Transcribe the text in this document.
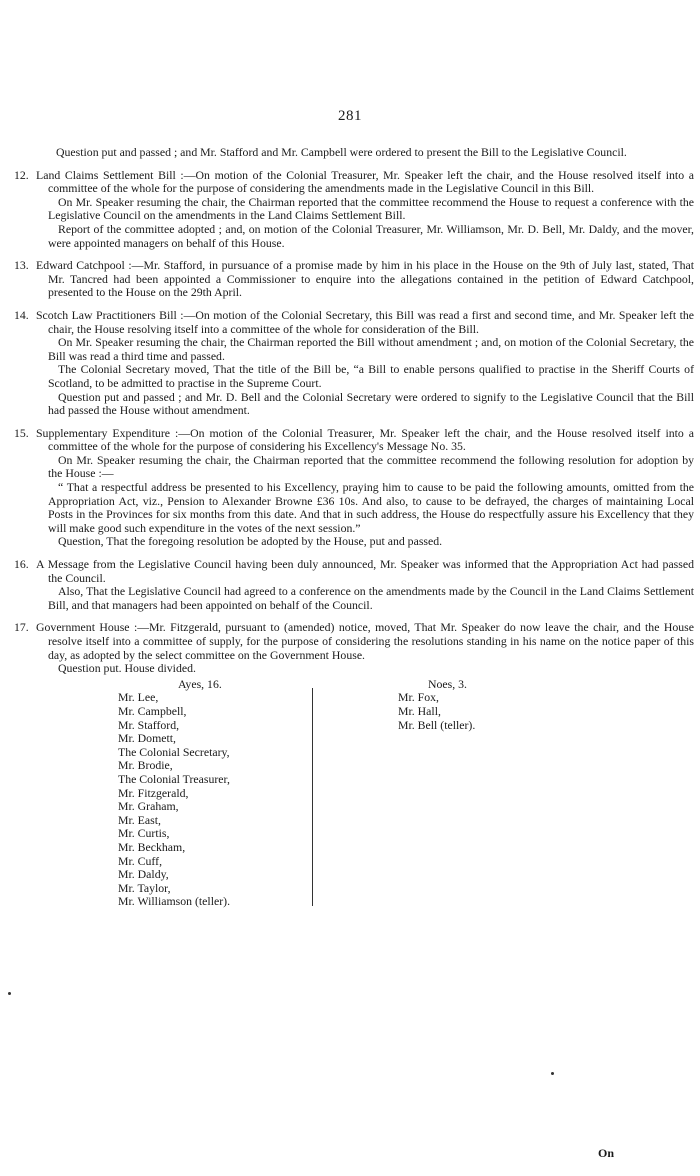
281

Question put and passed ; and Mr. Stafford and Mr. Campbell were ordered to present the Bill to the Legislative Council.

12. Land Claims Settlement Bill :—On motion of the Colonial Treasurer, Mr. Speaker left the chair, and the House resolved itself into a committee of the whole for the purpose of considering the amendments made in the Legislative Council in this Bill.

On Mr. Speaker resuming the chair, the Chairman reported that the committee recommend the House to request a conference with the Legislative Council on the amendments in the Land Claims Settlement Bill.

Report of the committee adopted ; and, on motion of the Colonial Treasurer, Mr. Williamson, Mr. D. Bell, Mr. Daldy, and the mover, were appointed managers on behalf of this House.

13. Edward Catchpool :—Mr. Stafford, in pursuance of a promise made by him in his place in the House on the 9th of July last, stated, That Mr. Tancred had been appointed a Commissioner to enquire into the allegations contained in the petition of Edward Catchpool, presented to the House on the 29th April.

14. Scotch Law Practitioners Bill :—On motion of the Colonial Secretary, this Bill was read a first and second time, and Mr. Speaker left the chair, the House resolving itself into a committee of the whole for consideration of the Bill.

On Mr. Speaker resuming the chair, the Chairman reported the Bill without amendment ; and, on motion of the Colonial Secretary, the Bill was read a third time and passed.

The Colonial Secretary moved, That the title of the Bill be, “a Bill to enable persons qualified to practise in the Sheriff Courts of Scotland, to be admitted to practise in the Supreme Court.

Question put and passed ; and Mr. D. Bell and the Colonial Secretary were ordered to signify to the Legislative Council that the Bill had passed the House without amendment.

15. Supplementary Expenditure :—On motion of the Colonial Treasurer, Mr. Speaker left the chair, and the House resolved itself into a committee of the whole for the purpose of considering his Excellency's Message No. 35.

On Mr. Speaker resuming the chair, the Chairman reported that the committee recommend the following resolution for adoption by the House :—

“ That a respectful address be presented to his Excellency, praying him to cause to be paid the following amounts, omitted from the Appropriation Act, viz., Pension to Alexander Browne £36 10s. And also, to cause to be defrayed, the charges of maintaining Local Posts in the Provinces for six months from this date. And that in such address, the House do respectfully assure his Excellency that they will make good such expenditure in the votes of the next session.”

Question, That the foregoing resolution be adopted by the House, put and passed.

16. A Message from the Legislative Council having been duly announced, Mr. Speaker was informed that the Appropriation Act had passed the Council.

Also, That the Legislative Council had agreed to a conference on the amendments made by the Council in the Land Claims Settlement Bill, and that managers had been appointed on behalf of the Council.

17. Government House :—Mr. Fitzgerald, pursuant to (amended) notice, moved, That Mr. Speaker do now leave the chair, and the House resolve itself into a committee of supply, for the purpose of considering the resolutions standing in his name on the notice paper of this day, as adopted by the select committee on the Government House.

Question put. House divided.

Ayes, 16.
Mr. Lee,
Mr. Campbell,
Mr. Stafford,
Mr. Domett,
The Colonial Secretary,
Mr. Brodie,
The Colonial Treasurer,
Mr. Fitzgerald,
Mr. Graham,
Mr. East,
Mr. Curtis,
Mr. Beckham,
Mr. Cuff,
Mr. Daldy,
Mr. Taylor,
Mr. Williamson (teller).
Noes, 3.
Mr. Fox,
Mr. Hall,
Mr. Bell (teller).
On
